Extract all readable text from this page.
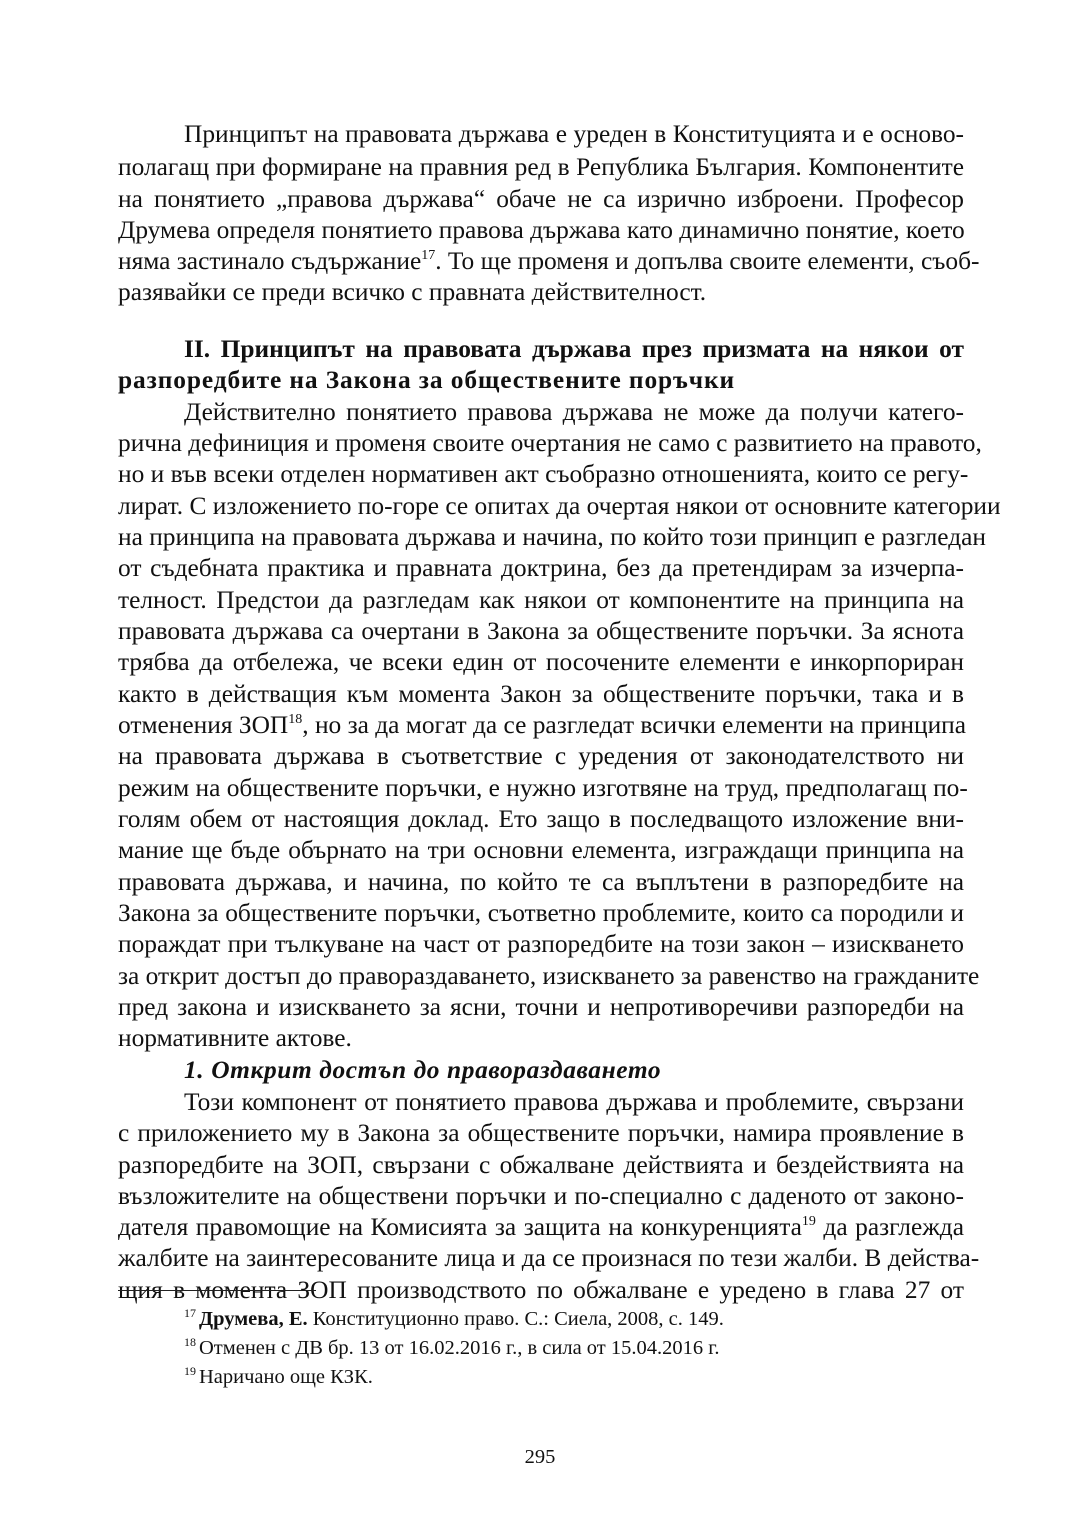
Принципът на правовата държава е уреден в Конституцията и е осново-
полагащ при формиране на правния ред в Република България. Компонентите
на понятието „правова държава“ обаче не са изрично изброени. Професор
Друмева определя понятието правова държава като динамично понятие, което
няма застинало съдържание$^{17}$. То ще променя и допълва своите елементи, съоб-
разявайки се преди всичко с правната действителност.
II. Принципът на правовата държава през призмата на някои от
разпоредбите на Закона за обществените поръчки
Действително понятието правова държава не може да получи катего-
рична дефиниция и променя своите очертания не само с развитието на правото,
но и във всеки отделен нормативен акт съобразно отношенията, които се регу-
лират. С изложението по-горе се опитах да очертая някои от основните категории
на принципа на правовата държава и начина, по който този принцип е разгледан
от съдебната практика и правната доктрина, без да претендирам за изчерпа-
телност. Предстои да разгледам как някои от компонентите на принципа на
правовата държава са очертани в Закона за обществените поръчки. За яснота
трябва да отбележа, че всеки един от посочените елементи е инкорпориран
както в действащия към момента Закон за обществените поръчки, така и в
отменения ЗОП$^{18}$, но за да могат да се разгледат всички елементи на принципа
на правовата държава в съответствие с уредения от законодателството ни
режим на обществените поръчки, е нужно изготвяне на труд, предполагащ по-
голям обем от настоящия доклад. Ето защо в последващото изложение вни-
мание ще бъде обърнато на три основни елемента, изграждащи принципа на
правовата държава, и начина, по който те са въплътени в разпоредбите на
Закона за обществените поръчки, съответно проблемите, които са породили и
пораждат при тълкуване на част от разпоредбите на този закон – изискването
за открит достъп до правораздаването, изискването за равенство на гражданите
пред закона и изискването за ясни, точни и непротиворечиви разпоредби на
нормативните актове.
1. Открит достъп до правораздаването
Този компонент от понятието правова държава и проблемите, свързани
с приложението му в Закона за обществените поръчки, намира проявление в
разпоредбите на ЗОП, свързани с обжалване действията и бездействията на
възложителите на обществени поръчки и по-специално с даденото от законо-
дателя правомощие на Комисията за защита на конкуренцията$^{19}$ да разглежда
жалбите на заинтересованите лица и да се произнася по тези жалби. В действа-
щия в момента ЗОП производството по обжалване е уредено в глава 27 от
$^{17}$ Друмева, Е. Конституционно право. С.: Сиела, 2008, с. 149.
$^{18}$ Отменен с ДВ бр. 13 от 16.02.2016 г., в сила от 15.04.2016 г.
$^{19}$ Наричано още КЗК.
295
